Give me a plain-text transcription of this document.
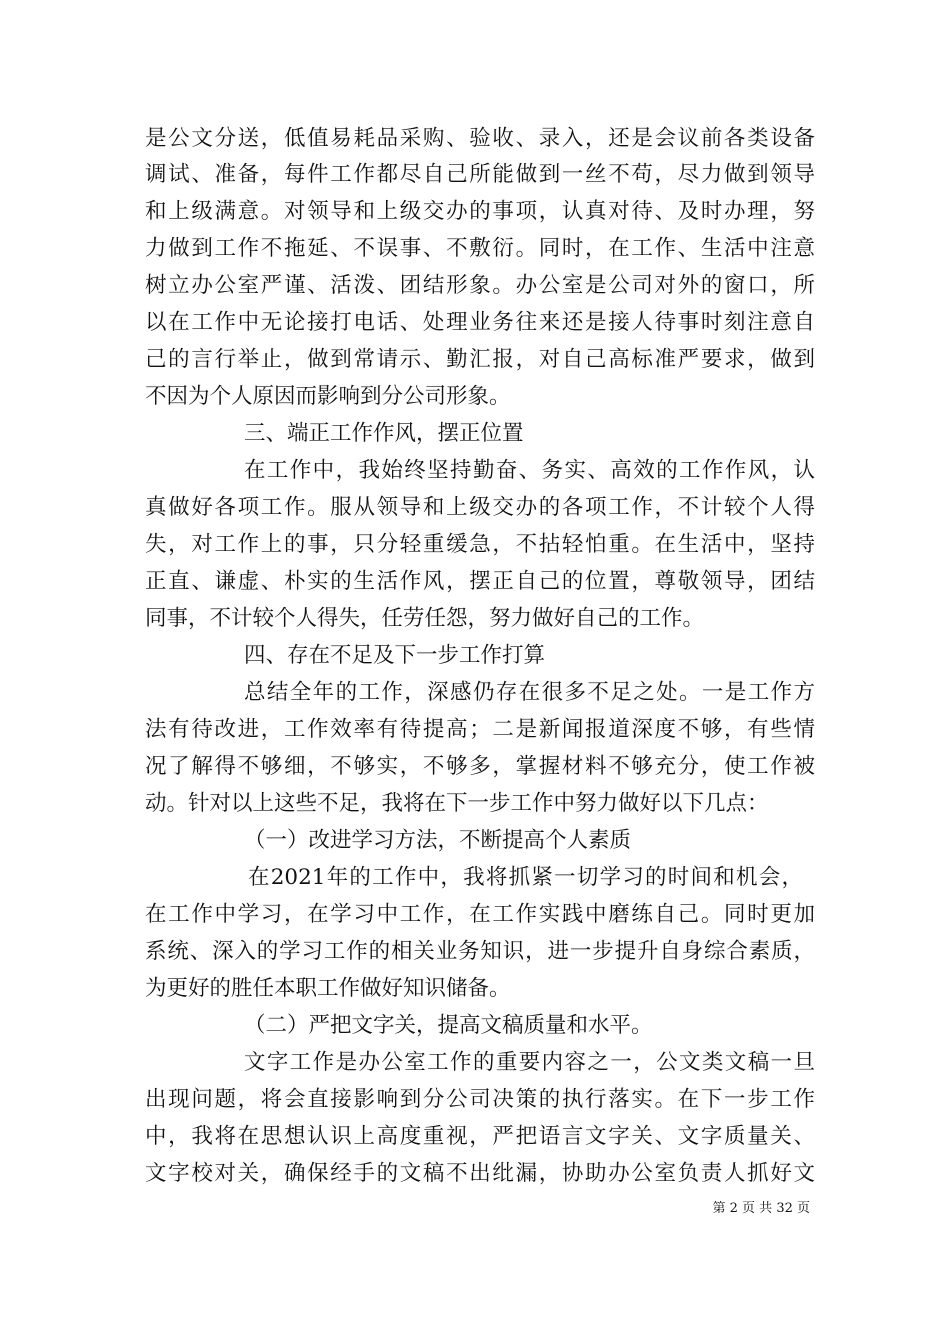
是公文分送，低值易耗品采购、验收、录入，还是会议前各类设备
调试、准备，每件工作都尽自己所能做到一丝不苟，尽力做到领导
和上级满意。对领导和上级交办的事项，认真对待、及时办理，努
力做到工作不拖延、不误事、不敷衍。同时，在工作、生活中注意
树立办公室严谨、活泼、团结形象。办公室是公司对外的窗口，所
以在工作中无论接打电话、处理业务往来还是接人待事时刻注意自
己的言行举止，做到常请示、勤汇报，对自己高标准严要求，做到
不因为个人原因而影响到分公司形象。
三、端正工作作风，摆正位置
在工作中，我始终坚持勤奋、务实、高效的工作作风，认
真做好各项工作。服从领导和上级交办的各项工作，不计较个人得
失，对工作上的事，只分轻重缓急，不拈轻怕重。在生活中，坚持
正直、谦虚、朴实的生活作风，摆正自己的位置，尊敬领导，团结
同事，不计较个人得失，任劳任怨，努力做好自己的工作。
四、存在不足及下一步工作打算
总结全年的工作，深感仍存在很多不足之处。一是工作方
法有待改进，工作效率有待提高；二是新闻报道深度不够，有些情
况了解得不够细，不够实，不够多，掌握材料不够充分，使工作被
动。针对以上这些不足，我将在下一步工作中努力做好以下几点：
（一）改进学习方法，不断提高个人素质
在2021年的工作中，我将抓紧一切学习的时间和机会，
在工作中学习，在学习中工作，在工作实践中磨练自己。同时更加
系统、深入的学习工作的相关业务知识，进一步提升自身综合素质，
为更好的胜任本职工作做好知识储备。
（二）严把文字关，提高文稿质量和水平。
文字工作是办公室工作的重要内容之一，公文类文稿一旦
出现问题，将会直接影响到分公司决策的执行落实。在下一步工作
中，我将在思想认识上高度重视，严把语言文字关、文字质量关、
文字校对关，确保经手的文稿不出纰漏，协助办公室负责人抓好文
第 2 页 共 32 页
